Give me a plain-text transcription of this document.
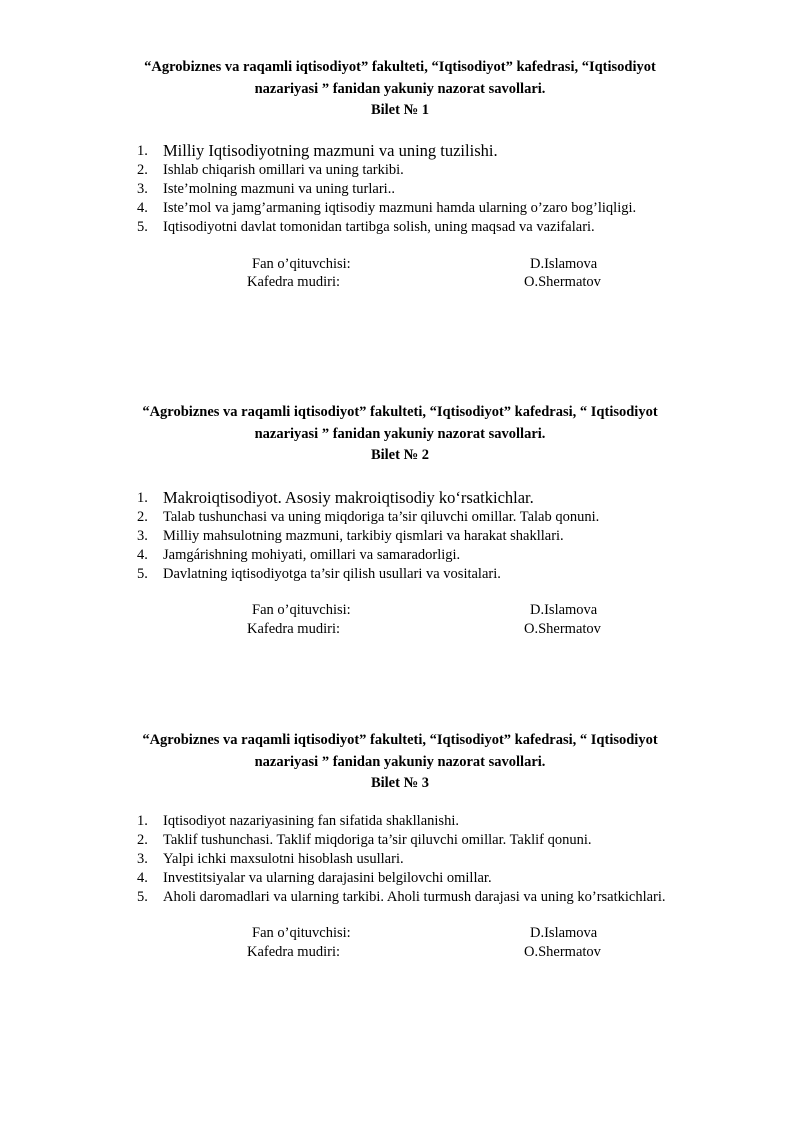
“Agrobiznes va raqamli iqtisodiyot” fakulteti, “Iqtisodiyot” kafedrasi, “Iqtisodiyot
nazariyasi ” fanidan yakuniy nazorat savollari.
Bilet № 1
1. Milliy Iqtisodiyotning mazmuni va uning tuzilishi.
2. Ishlab chiqarish omillari va uning tarkibi.
3. Iste’molning mazmuni va uning turlari..
4. Iste’mol va jamg’armaning iqtisodiy mazmuni hamda ularning o’zaro bog’liqligi.
5. Iqtisodiyotni davlat tomonidan tartibga solish, uning maqsad va vazifalari.
Fan o’qituvchisi:	D.Islamova
Kafedra mudiri:	O.Shermatov
“Agrobiznes va raqamli iqtisodiyot” fakulteti, “Iqtisodiyot” kafedrasi, “ Iqtisodiyot
nazariyasi ” fanidan yakuniy nazorat savollari.
Bilet № 2
1. Makroiqtisodiyot. Asosiy makroiqtisodiy ko‘rsatkichlar.
2. Talab tushunchasi va uning miqdoriga ta’sir qiluvchi omillar. Talab qonuni.
3. Milliy mahsulotning mazmuni, tarkibiy qismlari va harakat shakllari.
4. Jamgárishning mohiyati, omillari va samaradorligi.
5. Davlatning iqtisodiyotga ta’sir qilish usullari va vositalari.
Fan o’qituvchisi:	D.Islamova
Kafedra mudiri:	O.Shermatov
“Agrobiznes va raqamli iqtisodiyot” fakulteti, “Iqtisodiyot” kafedrasi, “ Iqtisodiyot
nazariyasi ” fanidan yakuniy nazorat savollari.
Bilet № 3
1. Iqtisodiyot nazariyasining fan sifatida shakllanishi.
2. Taklif tushunchasi. Taklif miqdoriga ta’sir qiluvchi omillar. Taklif qonuni.
3. Yalpi ichki maxsulotni hisoblash usullari.
4. Investitsiyalar va ularning darajasini belgilovchi omillar.
5. Aholi daromadlari va ularning tarkibi. Aholi turmush darajasi va uning ko’rsatkichlari.
Fan o’qituvchisi:	D.Islamova
Kafedra mudiri:	O.Shermatov
